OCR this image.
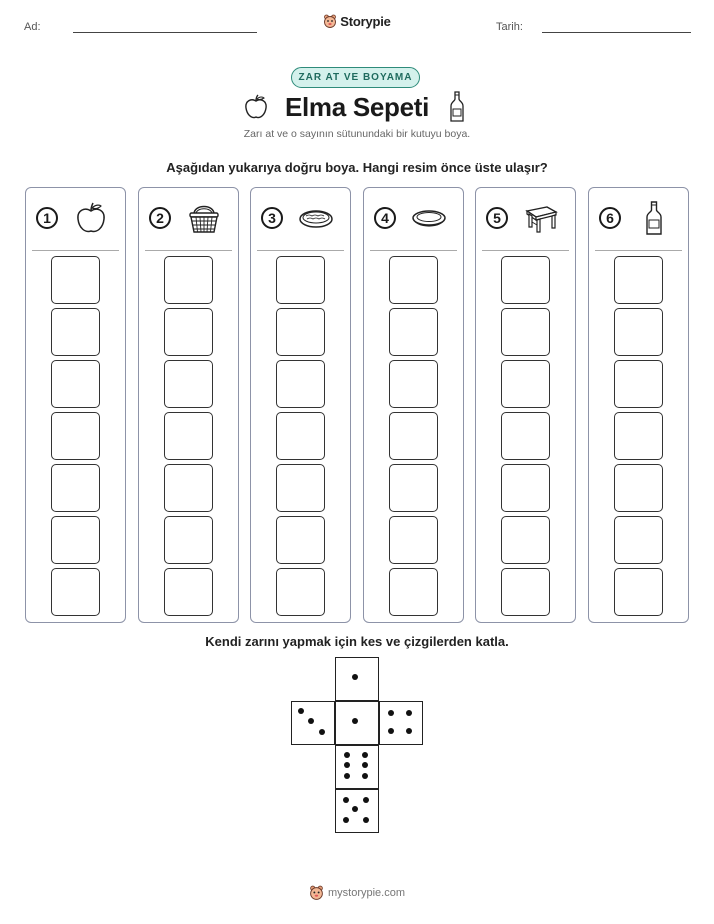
Ad:	Tarih:
Storypie
ZAR AT VE BOYAMA
Elma Sepeti
Zarı at ve o sayının sütunundaki bir kutuyu boya.
Aşağıdan yukarıya doğru boya. Hangi resim önce üste ulaşır?
1	2	3	4	5	6
Kendi zarını yapmak için kes ve çizgilerden katla.
mystorypie.com
